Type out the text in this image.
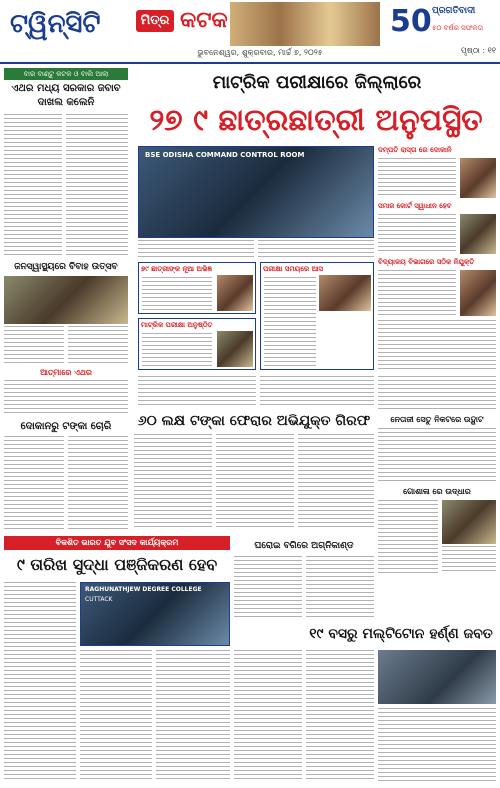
ଟ୍ୱିନ୍‌ସିଟି	ମିତ୍ର କଟକ
ଭୁବନେଶ୍ୱର, ଶୁକ୍ରବାର, ମାର୍ଚ୍ଚ ୭, ୨୦୨୫
50 ପ୍ରଗତିବାଦୀ
୫୦ ବର୍ଷର ସଫଳତା
ପୃଷ୍ଠା : ୧୧
ବାର ବାଣ୍ଟୁ କଟକ ଓ ବାଲି ଆଲା
ଏଥର ମଧ୍ୟ ସରକାର ଜବାବ ଦାଖଲ କଲେନି
ମାଟ୍ରିକ ପରୀକ୍ଷାରେ ଜିଲ୍ଲାରେ
୨୭ ୯ ଛାତ୍ରଛାତ୍ରୀ ଅନୁପସ୍ଥିତ
BSE ODISHA COMMAND CONTROL ROOM
ଦମ୍ପତି ରାସ୍ତା ରେ ଦୋକାନି
ସମାଜ କୋର୍ଟ ସ୍ୱାଧୀନ ହେବ
ବିଦ୍ୟାଳୟ ବିଭାଗରେ ସଠିକ ନିଯୁକ୍ତି
୭୯ ଛାତ୍ରୀଙ୍କ ନୂଆ ଅଭିଜ୍ଞ
ମାଟ୍ରିକ ପରୀକ୍ଷା ଅନୁଷ୍ଠିତ
ପରୀକ୍ଷା ସମୟରେ ଆସ
ଜନସ୍ୱାସ୍ଥ୍ୟରେ ବିବାହ ଉତ୍ସବ
ଆତ୍ମାରେ ଏଥର
ଦୋକାନରୁ ଟଙ୍କା ଚୋରି	୬୦ ଲକ୍ଷ ଟଙ୍କା ଫେରାର ଅଭିଯୁକ୍ତ ଗିରଫ	ନେତାଜୀ ସେତୁ ନିକଟରେ ଉଦ୍ଘାଟ
ଗୋଶାଳା ରେ ଉଦ୍ଧାର
ବିକଶିତ ଭାରତ ଯୁବ ସଂସଦ କାର୍ଯ୍ୟକ୍ରମ
୯ ତାରିଖ ସୁଦ୍ଧା ପଞ୍ଜିକରଣ ହେବ
RAGHUNATHJEW DEGREE COLLEGE
CUTTACK
ଘରୋଇ ବଗିରେ ଅଗ୍ନିକାଣ୍ଡ
୧୯ ବସରୁ ମଲ୍‌ଟିଟୋନ ହର୍ଣ୍ଣ ଜବତ
